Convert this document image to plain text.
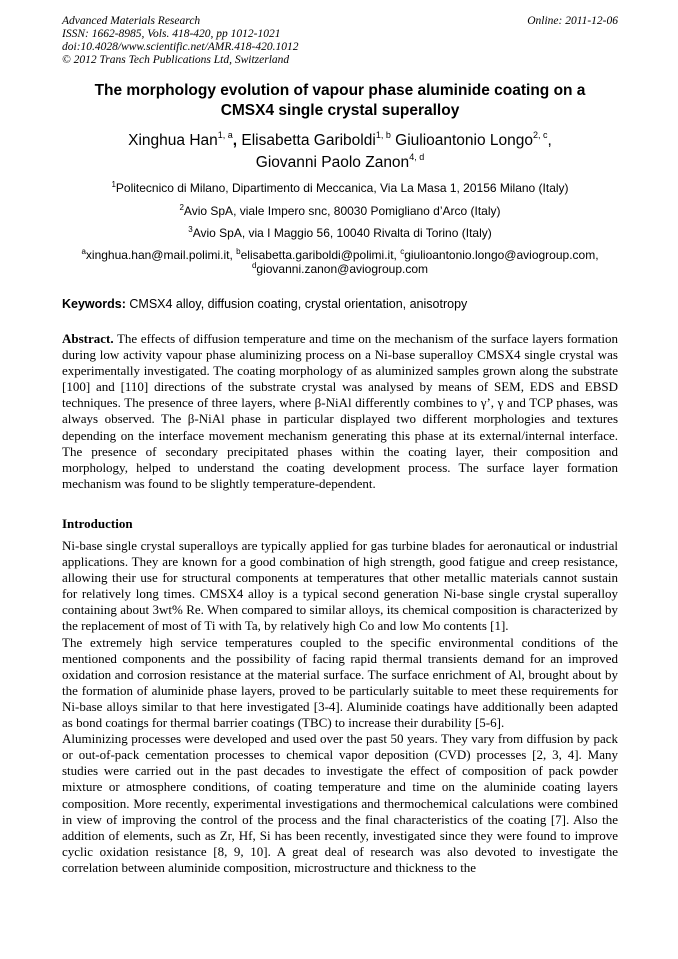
Advanced Materials Research
ISSN: 1662-8985, Vols. 418-420, pp 1012-1021
doi:10.4028/www.scientific.net/AMR.418-420.1012
© 2012 Trans Tech Publications Ltd, Switzerland
Online: 2011-12-06
The morphology evolution of vapour phase aluminide coating on a
CMSX4 single crystal superalloy
Xinghua Han$^{1, a}$, Elisabetta Gariboldi$^{1, b}$ Giulioantonio Longo$^{2, c}$,
Giovanni Paolo Zanon$^{4, d}$
$^1$Politecnico di Milano, Dipartimento di Meccanica, Via La Masa 1, 20156 Milano (Italy)
$^2$Avio SpA, viale Impero snc, 80030 Pomigliano d’Arco (Italy)
$^3$Avio SpA, via I Maggio 56, 10040 Rivalta di Torino (Italy)
$^a$xinghua.han@mail.polimi.it, $^b$elisabetta.gariboldi@polimi.it, $^c$giulioantonio.longo@aviogroup.com,
$^d$giovanni.zanon@aviogroup.com
Keywords: CMSX4 alloy, diffusion coating, crystal orientation, anisotropy
Abstract. The effects of diffusion temperature and time on the mechanism of the surface layers formation during low activity vapour phase aluminizing process on a Ni-base superalloy CMSX4 single crystal was experimentally investigated. The coating morphology of as aluminized samples grown along the substrate [100] and [110] directions of the substrate crystal was analysed by means of SEM, EDS and EBSD techniques. The presence of three layers, where β-NiAl differently combines to γ’, γ and TCP phases, was always observed. The β-NiAl phase in particular displayed two different morphologies and textures depending on the interface movement mechanism generating this phase at its external/internal interface. The presence of secondary precipitated phases within the coating layer, their composition and morphology, helped to understand the coating development process. The surface layer formation mechanism was found to be slightly temperature-dependent.
Introduction

Ni-base single crystal superalloys are typically applied for gas turbine blades for aeronautical or industrial applications. They are known for a good combination of high strength, good fatigue and creep resistance, allowing their use for structural components at temperatures that other metallic materials cannot sustain for relatively long times. CMSX4 alloy is a typical second generation Ni-base single crystal superalloy containing about 3wt% Re. When compared to similar alloys, its chemical composition is characterized by the replacement of most of Ti with Ta, by relatively high Co and low Mo contents [1].

The extremely high service temperatures coupled to the specific environmental conditions of the mentioned components and the possibility of facing rapid thermal transients demand for an improved oxidation and corrosion resistance at the material surface. The surface enrichment of Al, brought about by the formation of aluminide phase layers, proved to be particularly suitable to meet these requirements for Ni-base alloys similar to that here investigated [3-4]. Aluminide coatings have additionally been adapted as bond coatings for thermal barrier coatings (TBC) to increase their durability [5-6].

Aluminizing processes were developed and used over the past 50 years. They vary from diffusion by pack or out-of-pack cementation processes to chemical vapor deposition (CVD) processes [2, 3, 4]. Many studies were carried out in the past decades to investigate the effect of composition of pack powder mixture or atmosphere conditions, of coating temperature and time on the aluminide coating layers composition. More recently, experimental investigations and thermochemical calculations were combined in view of improving the control of the process and the final characteristics of the coating [7]. Also the addition of elements, such as Zr, Hf, Si has been recently, investigated since they were found to improve cyclic oxidation resistance [8, 9, 10]. A great deal of research was also devoted to investigate the correlation between aluminide composition, microstructure and thickness to the
